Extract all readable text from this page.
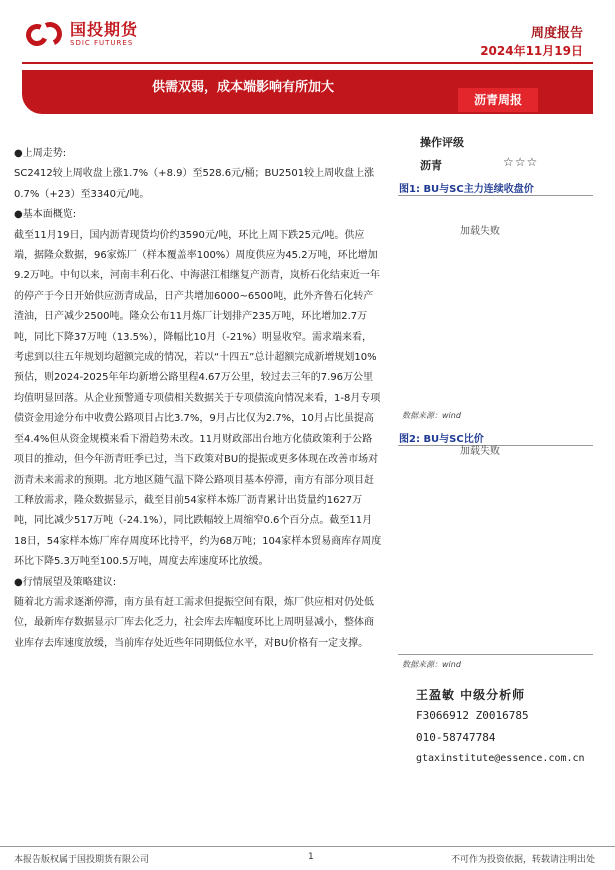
国投期货
SDIC FUTURES
周度报告
2024年11月19日
供需双弱，成本端影响有所加大
沥青周报

●上周走势:

SC2412较上周收盘上涨1.7%（+8.9）至528.6元/桶；BU2501较上周收盘上涨0.7%（+23）至3340元/吨。

●基本面概览:

截至11月19日，国内沥青现货均价约3590元/吨，环比上周下跌25元/吨。供应端，据隆众数据，96家炼厂（样本覆盖率100%）周度供应为45.2万吨，环比增加9.2万吨。中旬以来，河南丰利石化、中海湛江相继复产沥青，岚桥石化结束近一年的停产于今日开始供应沥青成品，日产共增加6000~6500吨，此外齐鲁石化转产渣油，日产减少2500吨。隆众公布11月炼厂计划排产235万吨，环比增加2.7万吨，同比下降37万吨（13.5%），降幅比10月（-21%）明显收窄。需求端来看，考虑到以往五年规划均超额完成的情况，若以“十四五”总计超额完成新增规划10%预估，则2024-2025年年均新增公路里程4.67万公里，较过去三年的7.96万公里均值明显回落。从企业预警通专项债相关数据关于专项债流向情况来看，1-8月专项债资金用途分布中收费公路项目占比3.7%，9月占比仅为2.7%，10月占比虽提高至4.4%但从资金规模来看下滑趋势未改。11月财政部出台地方化债政策利于公路项目的推动，但今年沥青旺季已过，当下政策对BU的提振或更多体现在改善市场对沥青未来需求的预期。北方地区随气温下降公路项目基本停滞，南方有部分项目赶工释放需求，隆众数据显示，截至目前54家样本炼厂沥青累计出货量约1627万吨，同比减少517万吨（-24.1%），同比跌幅较上周缩窄0.6个百分点。截至11月18日，54家样本炼厂库存周度环比持平，约为68万吨；104家样本贸易商库存周度环比下降5.3万吨至100.5万吨，周度去库速度环比放缓。

●行情展望及策略建议:

随着北方需求逐渐停滞，南方虽有赶工需求但提振空间有限，炼厂供应相对仍处低位，最新库存数据显示厂库去化乏力，社会库去库幅度环比上周明显减小，整体商业库存去库速度放缓，当前库存处近些年同期低位水平，对BU价格有一定支撑。

操作评级
沥青	☆☆☆
图1: BU与SC主力连续收盘价
加载失败
数据来源：wind
图2: BU与SC比价
加载失败
数据来源：wind
王盈敏 中级分析师
F3066912 Z0016785
010-58747784
gtaxinstitute@essence.com.cn
本报告版权属于国投期货有限公司	1	不可作为投资依据，转载请注明出处
